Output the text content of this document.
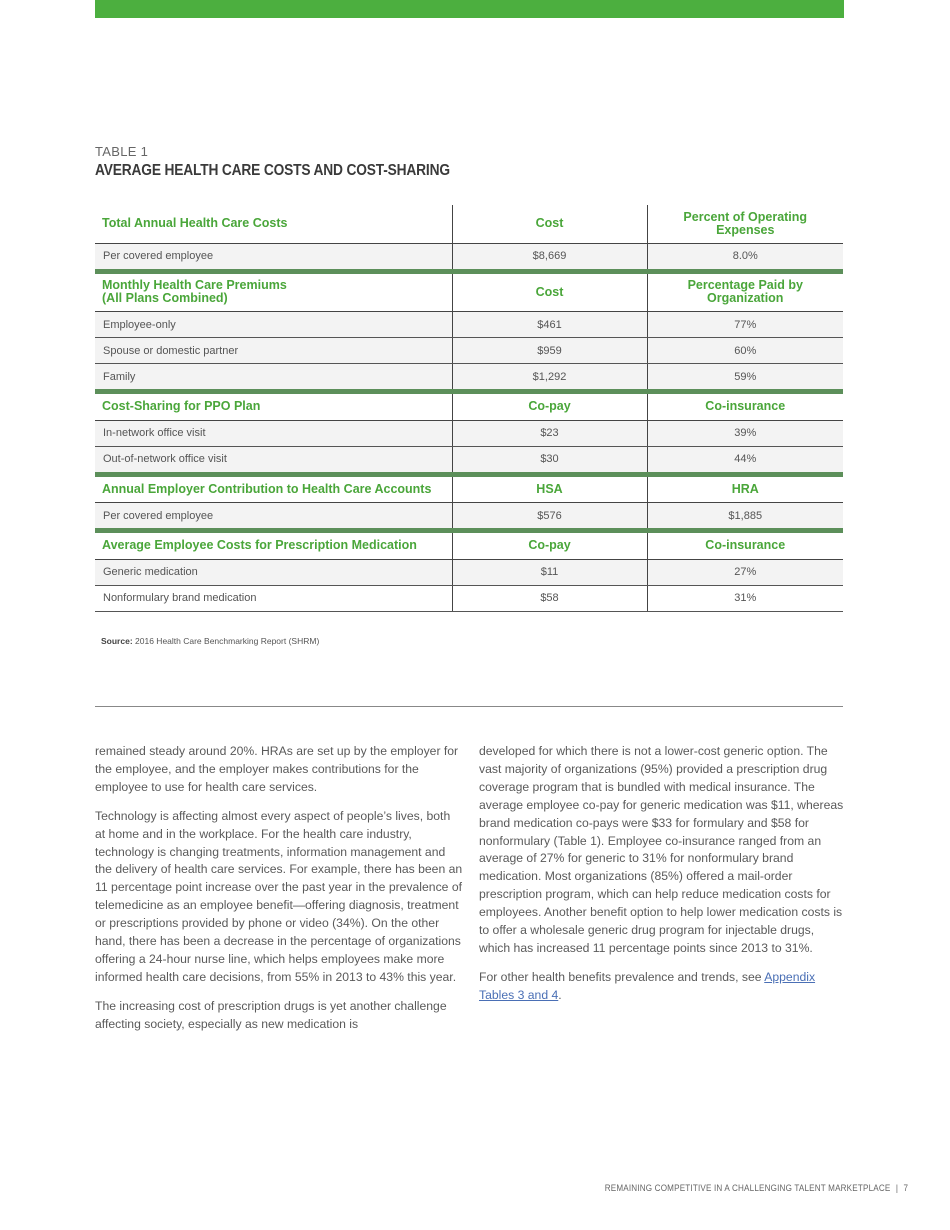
TABLE 1
AVERAGE HEALTH CARE COSTS AND COST-SHARING
Total Annual Health Care Costs	Cost	Percent of Operating Expenses
Per covered employee	$8,669	8.0%

Monthly Health Care Premiums
(All Plans Combined)	Cost	Percentage Paid by Organization
Employee-only	$461	77%
Spouse or domestic partner	$959	60%
Family	$1,292	59%

Cost-Sharing for PPO Plan	Co-pay	Co-insurance
In-network office visit	$23	39%
Out-of-network office visit	$30	44%

Annual Employer Contribution to Health Care Accounts	HSA	HRA
Per covered employee	$576	$1,885

Average Employee Costs for Prescription Medication	Co-pay	Co-insurance
Generic medication	$11	27%
Nonformulary brand medication	$58	31%
Source: 2016 Health Care Benchmarking Report (SHRM)

remained steady around 20%. HRAs are set up by the employer for the employee, and the employer makes contributions for the employee to use for health care services.

Technology is affecting almost every aspect of people’s lives, both at home and in the workplace. For the health care industry, technology is changing treatments, information management and the delivery of health care services. For example, there has been an 11 percentage point increase over the past year in the prevalence of telemedicine as an employee benefit—offering diagnosis, treatment or prescriptions provided by phone or video (34%). On the other hand, there has been a decrease in the percentage of organizations offering a 24-hour nurse line, which helps employees make more informed health care decisions, from 55% in 2013 to 43% this year.

The increasing cost of prescription drugs is yet another challenge affecting society, especially as new medication is

developed for which there is not a lower-cost generic option. The vast majority of organizations (95%) provided a prescription drug coverage program that is bundled with medical insurance. The average employee co-pay for generic medication was $11, whereas brand medication co-pays were $33 for formulary and $58 for nonformulary (Table 1). Employee co-insurance ranged from an average of 27% for generic to 31% for nonformulary brand medication. Most organizations (85%) offered a mail-order prescription program, which can help reduce medication costs for employees. Another benefit option to help lower medication costs is to offer a wholesale generic drug program for injectable drugs, which has increased 11 percentage points since 2013 to 31%.

For other health benefits prevalence and trends, see Appendix Tables 3 and 4.

REMAINING COMPETITIVE IN A CHALLENGING TALENT MARKETPLACE | 7
